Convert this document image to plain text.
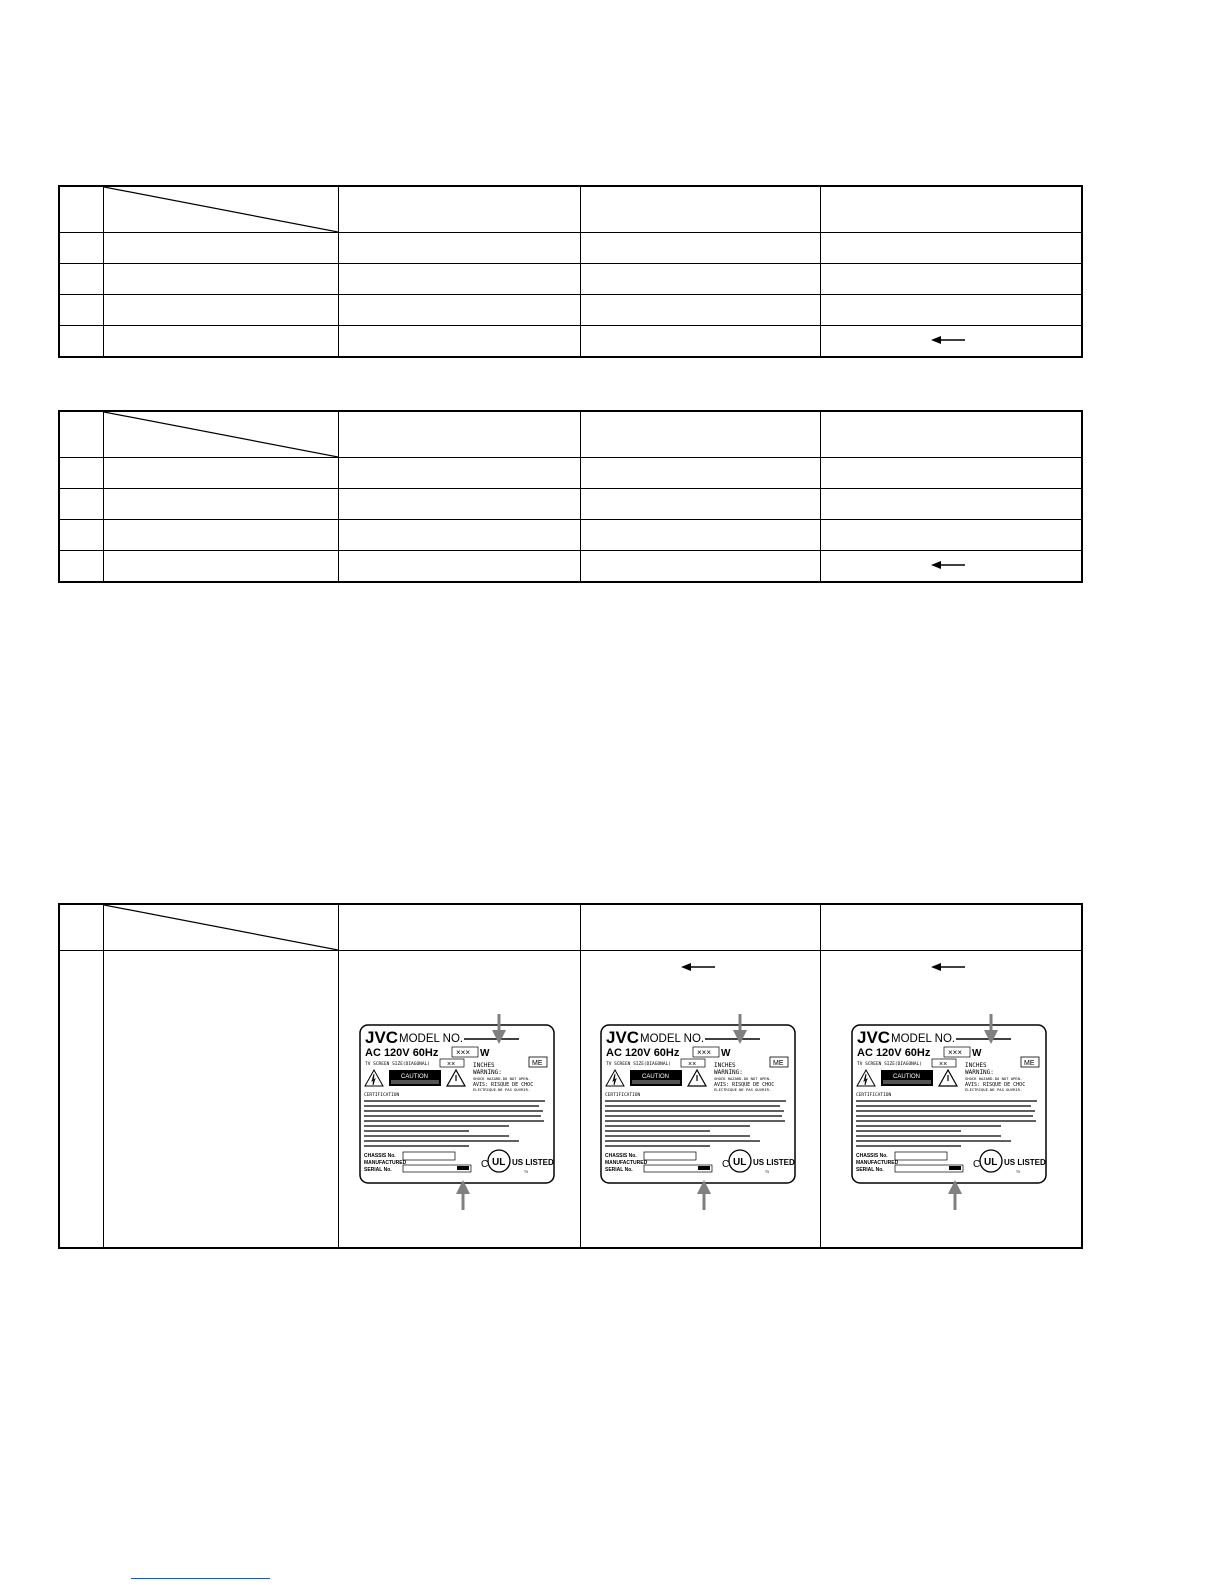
JVC MODEL NO.
AC 120V 60Hz ××× W
TV SCREEN SIZE(DIAGONAL) ××	INCHES	ME
CAUTION
WARNING:
SHOCK HAZARD-DO NOT OPEN.
AVIS: RISQUE DE CHOC
ELECTRIQUE-NE PAS OUVRIR.
CERTIFICATION
CHASSIS No.
MANUFACTURED
SERIAL No.	C UL US LISTED
TV
JVC MODEL NO.
AC 120V 60Hz ××× W
TV SCREEN SIZE(DIAGONAL) ××	INCHES	ME
CAUTION
WARNING:
SHOCK HAZARD-DO NOT OPEN.
AVIS: RISQUE DE CHOC
ELECTRIQUE-NE PAS OUVRIR.
CERTIFICATION
CHASSIS No.
MANUFACTURED
SERIAL No.	C UL US LISTED
TV
JVC MODEL NO.
AC 120V 60Hz ××× W
TV SCREEN SIZE(DIAGONAL) ××	INCHES	ME
CAUTION
WARNING:
SHOCK HAZARD-DO NOT OPEN.
AVIS: RISQUE DE CHOC
ELECTRIQUE-NE PAS OUVRIR.
CERTIFICATION
CHASSIS No.
MANUFACTURED
SERIAL No.	C UL US LISTED
TV
